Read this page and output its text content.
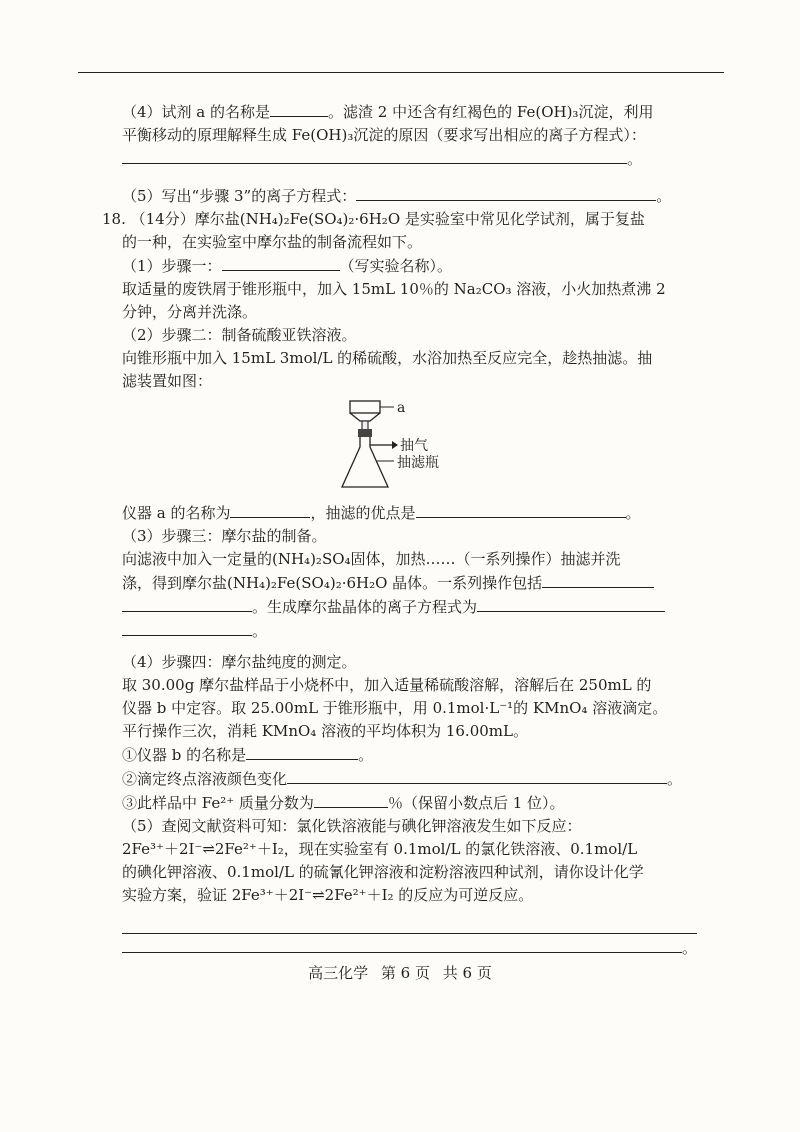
（4）试剂 a 的名称是	。滤渣 2 中还含有红褐色的 Fe(OH)₃沉淀，利用

平衡移动的原理解释生成 Fe(OH)₃沉淀的原因（要求写出相应的离子方程式）：

。

（5）写出“步骤 3”的离子方程式：	。

18. （14分）摩尔盐(NH₄)₂Fe(SO₄)₂·6H₂O 是实验室中常见化学试剂，属于复盐

的一种，在实验室中摩尔盐的制备流程如下。

（1）步骤一：	（写实验名称）。

取适量的废铁屑于锥形瓶中，加入 15mL 10％的 Na₂CO₃ 溶液，小火加热煮沸 2

分钟，分离并洗涤。

（2）步骤二：制备硫酸亚铁溶液。

向锥形瓶中加入 15mL 3mol/L 的稀硫酸，水浴加热至反应完全，趁热抽滤。抽

滤装置如图：

a
抽气
抽滤瓶

仪器 a 的名称为	，抽滤的优点是	。

（3）步骤三：摩尔盐的制备。

向滤液中加入一定量的(NH₄)₂SO₄固体，加热……（一系列操作）抽滤并洗

涤，得到摩尔盐(NH₄)₂Fe(SO₄)₂·6H₂O 晶体。一系列操作包括

。生成摩尔盐晶体的离子方程式为

。

（4）步骤四：摩尔盐纯度的测定。

取 30.00g 摩尔盐样品于小烧杯中，加入适量稀硫酸溶解，溶解后在 250mL 的

仪器 b 中定容。取 25.00mL 于锥形瓶中，用 0.1mol·L⁻¹的 KMnO₄ 溶液滴定。

平行操作三次，消耗 KMnO₄ 溶液的平均体积为 16.00mL。

①仪器 b 的名称是	。

②滴定终点溶液颜色变化	。

③此样品中 Fe²⁺ 质量分数为	％（保留小数点后 1 位）。

（5）查阅文献资料可知：氯化铁溶液能与碘化钾溶液发生如下反应：

2Fe³⁺＋2I⁻⇌2Fe²⁺＋I₂，现在实验室有 0.1mol/L 的氯化铁溶液、0.1mol/L

的碘化钾溶液、0.1mol/L 的硫氰化钾溶液和淀粉溶液四种试剂，请你设计化学

实验方案，验证 2Fe³⁺＋2I⁻⇌2Fe²⁺＋I₂ 的反应为可逆反应。

。

高三化学 第 6 页 共 6 页
